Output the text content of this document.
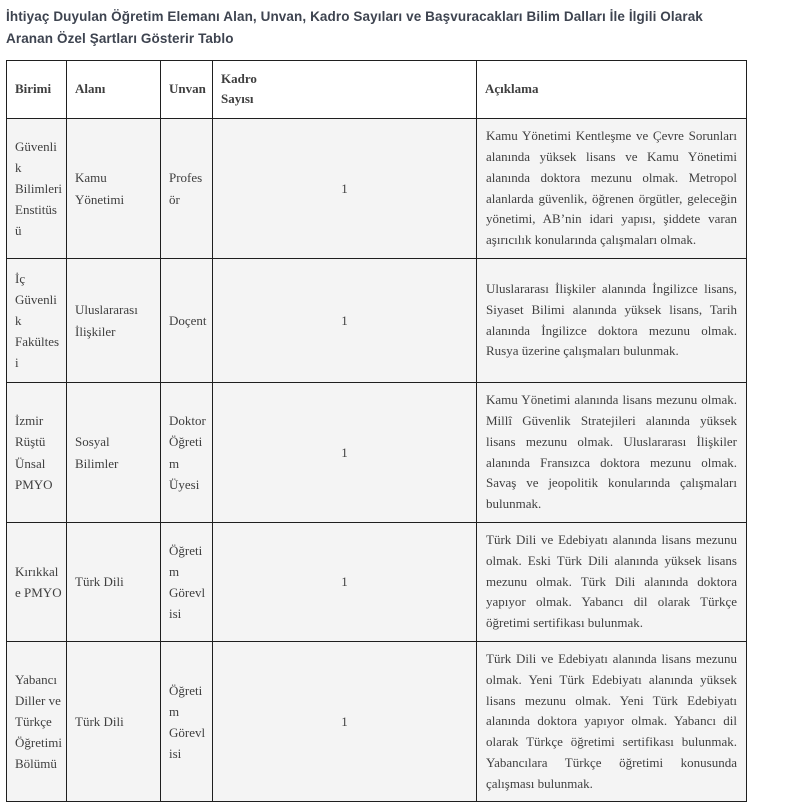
İhtiyaç Duyulan Öğretim Elemanı Alan, Unvan, Kadro Sayıları ve Başvuracakları Bilim Dalları İle İlgili Olarak Aranan Özel Şartları Gösterir Tablo
Birimi	Alanı	Unvan	Kadro Sayısı	Açıklama
Güvenlik Bilimleri Enstitüsü	Kamu Yönetimi	Profesör	1	Kamu Yönetimi Kentleşme ve Çevre Sorunları alanında yüksek lisans ve Kamu Yönetimi alanında doktora mezunu olmak. Metropol alanlarda güvenlik, öğrenen örgütler, geleceğin yönetimi, AB’nin idari yapısı, şiddete varan aşırıcılık konularında çalışmaları olmak.
İç Güvenlik Fakültesi	Uluslararası İlişkiler	Doçent	1	Uluslararası İlişkiler alanında İngilizce lisans, Siyaset Bilimi alanında yüksek lisans, Tarih alanında İngilizce doktora mezunu olmak. Rusya üzerine çalışmaları bulunmak.
İzmir Rüştü Ünsal PMYO	Sosyal Bilimler	Doktor Öğretim Üyesi	1	Kamu Yönetimi alanında lisans mezunu olmak. Millî Güvenlik Stratejileri alanında yüksek lisans mezunu olmak. Uluslararası İlişkiler alanında Fransızca doktora mezunu olmak. Savaş ve jeopolitik konularında çalışmaları bulunmak.
Kırıkkale PMYO	Türk Dili	Öğretim Görevlisi	1	Türk Dili ve Edebiyatı alanında lisans mezunu olmak. Eski Türk Dili alanında yüksek lisans mezunu olmak. Türk Dili alanında doktora yapıyor olmak. Yabancı dil olarak Türkçe öğretimi sertifikası bulunmak.
Yabancı Diller ve Türkçe Öğretimi Bölümü	Türk Dili	Öğretim Görevlisi	1	Türk Dili ve Edebiyatı alanında lisans mezunu olmak. Yeni Türk Edebiyatı alanında yüksek lisans mezunu olmak. Yeni Türk Edebiyatı alanında doktora yapıyor olmak. Yabancı dil olarak Türkçe öğretimi sertifikası bulunmak. Yabancılara Türkçe öğretimi konusunda çalışması bulunmak.
